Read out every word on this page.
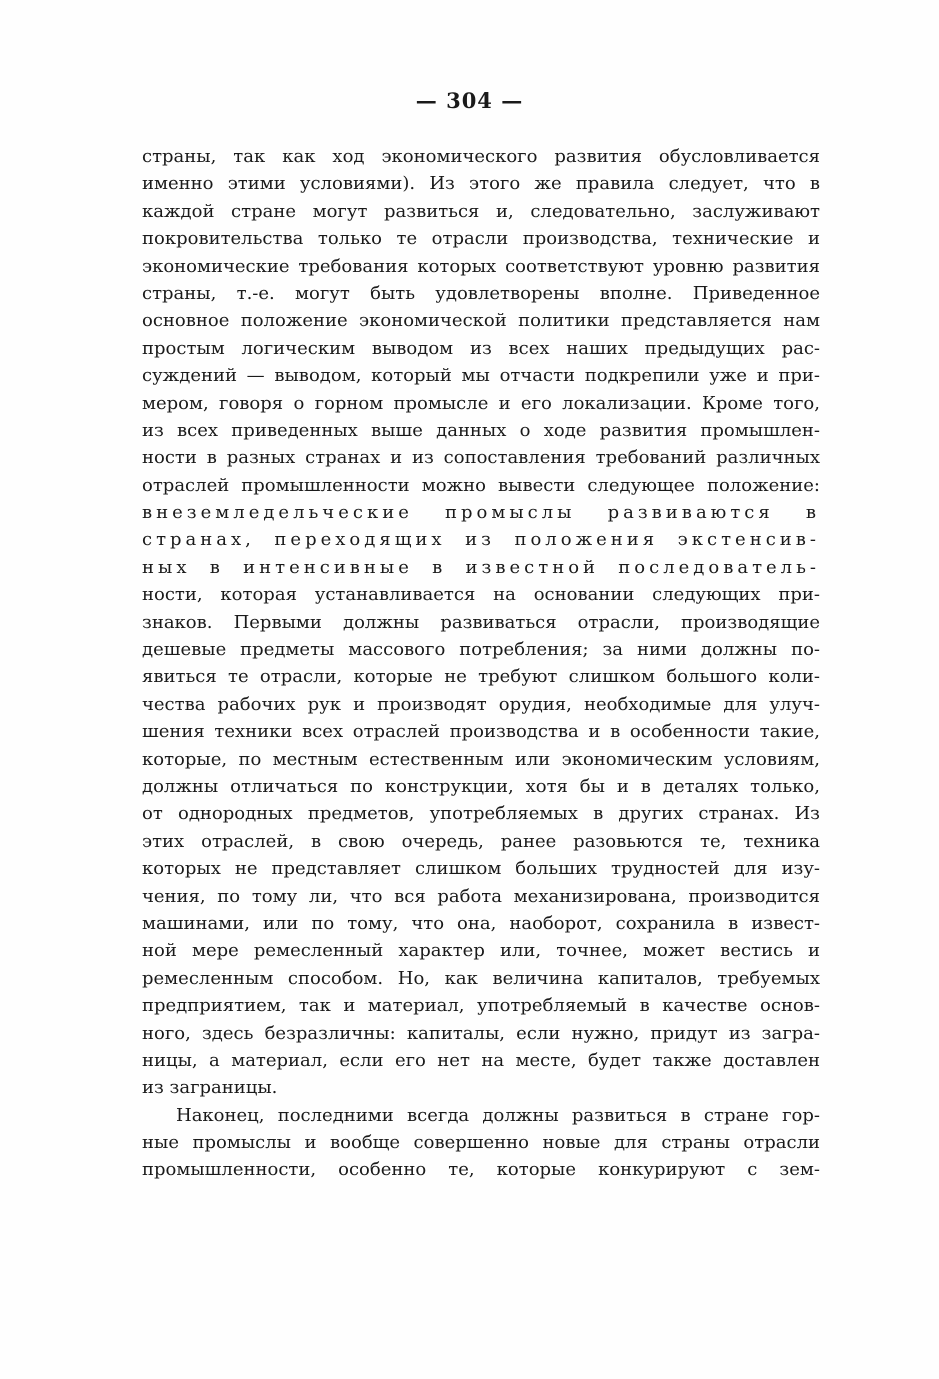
— 304 —
страны, так как ход экономического развития обусловливается
именно этими условиями). Из этого же правила следует, что в
каждой стране могут развиться и, следовательно, заслуживают
покровительства только те отрасли производства, технические и
экономические требования которых соответствуют уровню развития
страны, т.-е. могут быть удовлетворены вполне. Приведенное
основное положение экономической политики представляется нам
простым логическим выводом из всех наших предыдущих рас-
суждений — выводом, который мы отчасти подкрепили уже и при-
мером, говоря о горном промысле и его локализации. Кроме того,
из всех приведенных выше данных о ходе развития промышлен-
ности в разных странах и из сопоставления требований различных
отраслей промышленности можно вывести следующее положение:
внеземледельческие промыслы развиваются в
странах, переходящих из положения экстенсив-
ных в интенсивные в известной последователь-
ности, которая устанавливается на основании следующих при-
знаков. Первыми должны развиваться отрасли, производящие
дешевые предметы массового потребления; за ними должны по-
явиться те отрасли, которые не требуют слишком большого коли-
чества рабочих рук и производят орудия, необходимые для улуч-
шения техники всех отраслей производства и в особенности такие,
которые, по местным естественным или экономическим условиям,
должны отличаться по конструкции, хотя бы и в деталях только,
от однородных предметов, употребляемых в других странах. Из
этих отраслей, в свою очередь, ранее разовьются те, техника
которых не представляет слишком больших трудностей для изу-
чения, по тому ли, что вся работа механизирована, производится
машинами, или по тому, что она, наоборот, сохранила в извест-
ной мере ремесленный характер или, точнее, может вестись и
ремесленным способом. Но, как величина капиталов, требуемых
предприятием, так и материал, употребляемый в качестве основ-
ного, здесь безразличны: капиталы, если нужно, придут из загра-
ницы, а материал, если его нет на месте, будет также доставлен
из заграницы.
Наконец, последними всегда должны развиться в стране гор-
ные промыслы и вообще совершенно новые для страны отрасли
промышленности, особенно те, которые конкурируют с зем-
